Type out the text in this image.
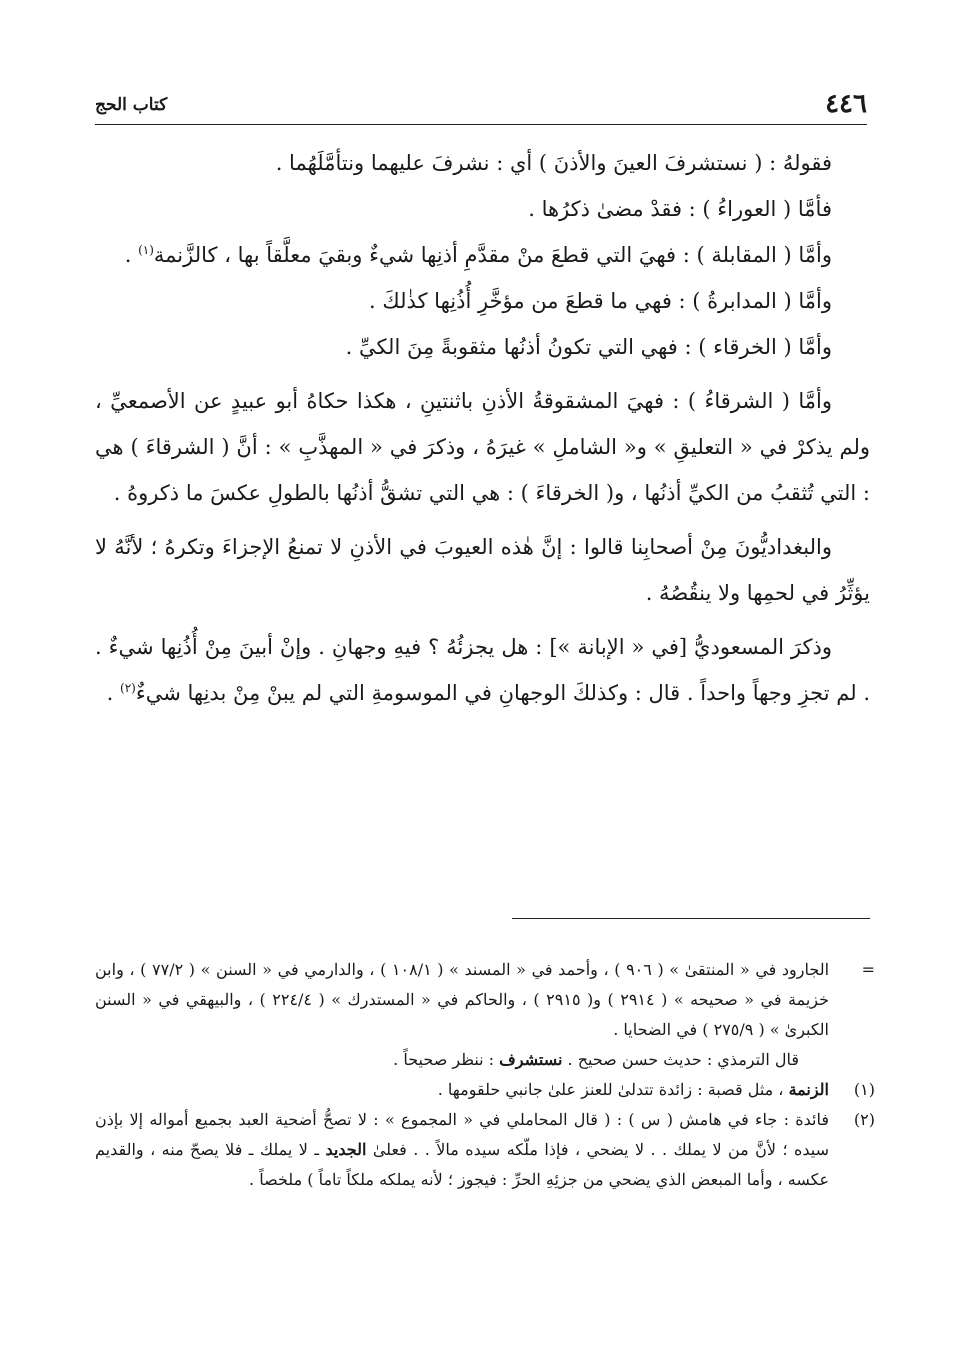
٤٤٦
كتاب الحج

فقولهُ : ( نستشرفَ العينَ والأذنَ ) أي : نشرفَ عليهما ونتأمَّلَهُما .

فأمَّا ( العوراءُ ) : فقدْ مضىٰ ذكرُها .

وأمَّا ( المقابلة ) : فهيَ التي قطعَ منْ مقدَّمِ أذنِها شيءٌ وبقيَ معلَّقاً بها ، كالزَّنمة$^{(١)}$ .

وأمَّا ( المدابرةُ ) : فهي ما قطعَ من مؤخَّرِ أُذُنِها كذٰلكَ .

وأمَّا ( الخرقاء ) : فهي التي تكونُ أذنُها مثقوبةً مِنَ الكيِّ .

وأمَّا ( الشرقاءُ ) : فهيَ المشقوقةُ الأذنِ باثنتينِ ، هكذا حكاهُ أبو عبيدٍ عن الأصمعيِّ ، ولم يذكرْ في « التعليقِ » و« الشاملِ » غيرَهُ ، وذكرَ في « المهذَّبِ » : أنَّ ( الشرقاءَ ) هي : التي تُثقبُ من الكيِّ أذنُها ، و( الخرقاءَ ) : هي التي تشقُّ أذنُها بالطولِ عكسَ ما ذكروهُ .

والبغداديُّونَ مِنْ أصحابِنا قالوا : إنَّ هٰذه العيوبَ في الأذنِ لا تمنعُ الإجزاءَ وتكرهُ ؛ لأنَّهُ لا يؤثِّرُ في لحمِها ولا ينقُصُهُ .

وذكرَ المسعوديُّ [في « الإبانة »] : هل يجزئُهُ ؟ فيهِ وجهانِ . وإنْ أبينَ مِنْ أُذُنِها شيءٌ . . لم تجزِ وجهاً واحداً . قال : وكذلكَ الوجهانِ في الموسومةِ التي لم يبنْ مِنْ بدنِها شيءٌ$^{(٢)}$ .

=
الجارود في « المنتقىٰ » ( ٩٠٦ ) ، وأحمد في « المسند » ( ١٠٨/١ ) ، والدارمي في « السنن » ( ٧٧/٢ ) ، وابن خزيمة في « صحيحه » ( ٢٩١٤ ) و( ٢٩١٥ ) ، والحاكم في « المستدرك » ( ٢٢٤/٤ ) ، والبيهقي في « السنن الكبرىٰ » ( ٢٧٥/٩ ) في الضحايا .
قال الترمذي : حديث حسن صحيح . نستشرف : ننظر صحيحاً .
(١)
الزنمة ، مثل قصبة : زائدة تتدلىٰ للعنز علىٰ جانبي حلقومها .
(٢)
فائدة : جاء في هامش ( س ) : ( قال المحاملي في « المجموع » : لا تصحُّ أضحية العبد بجميع أمواله إلا بإذن سيده ؛ لأنَّ من لا يملك . . لا يضحي ، فإذا ملّكه سيده مالاً . . فعلىٰ الجديد ـ لا يملك ـ فلا يصحّ منه ، والقديم عكسه ، وأما المبعض الذي يضحي من جزئِهِ الحرِّ : فيجوز ؛ لأنه يملكه ملكاً تاماً ) ملخصاً .
